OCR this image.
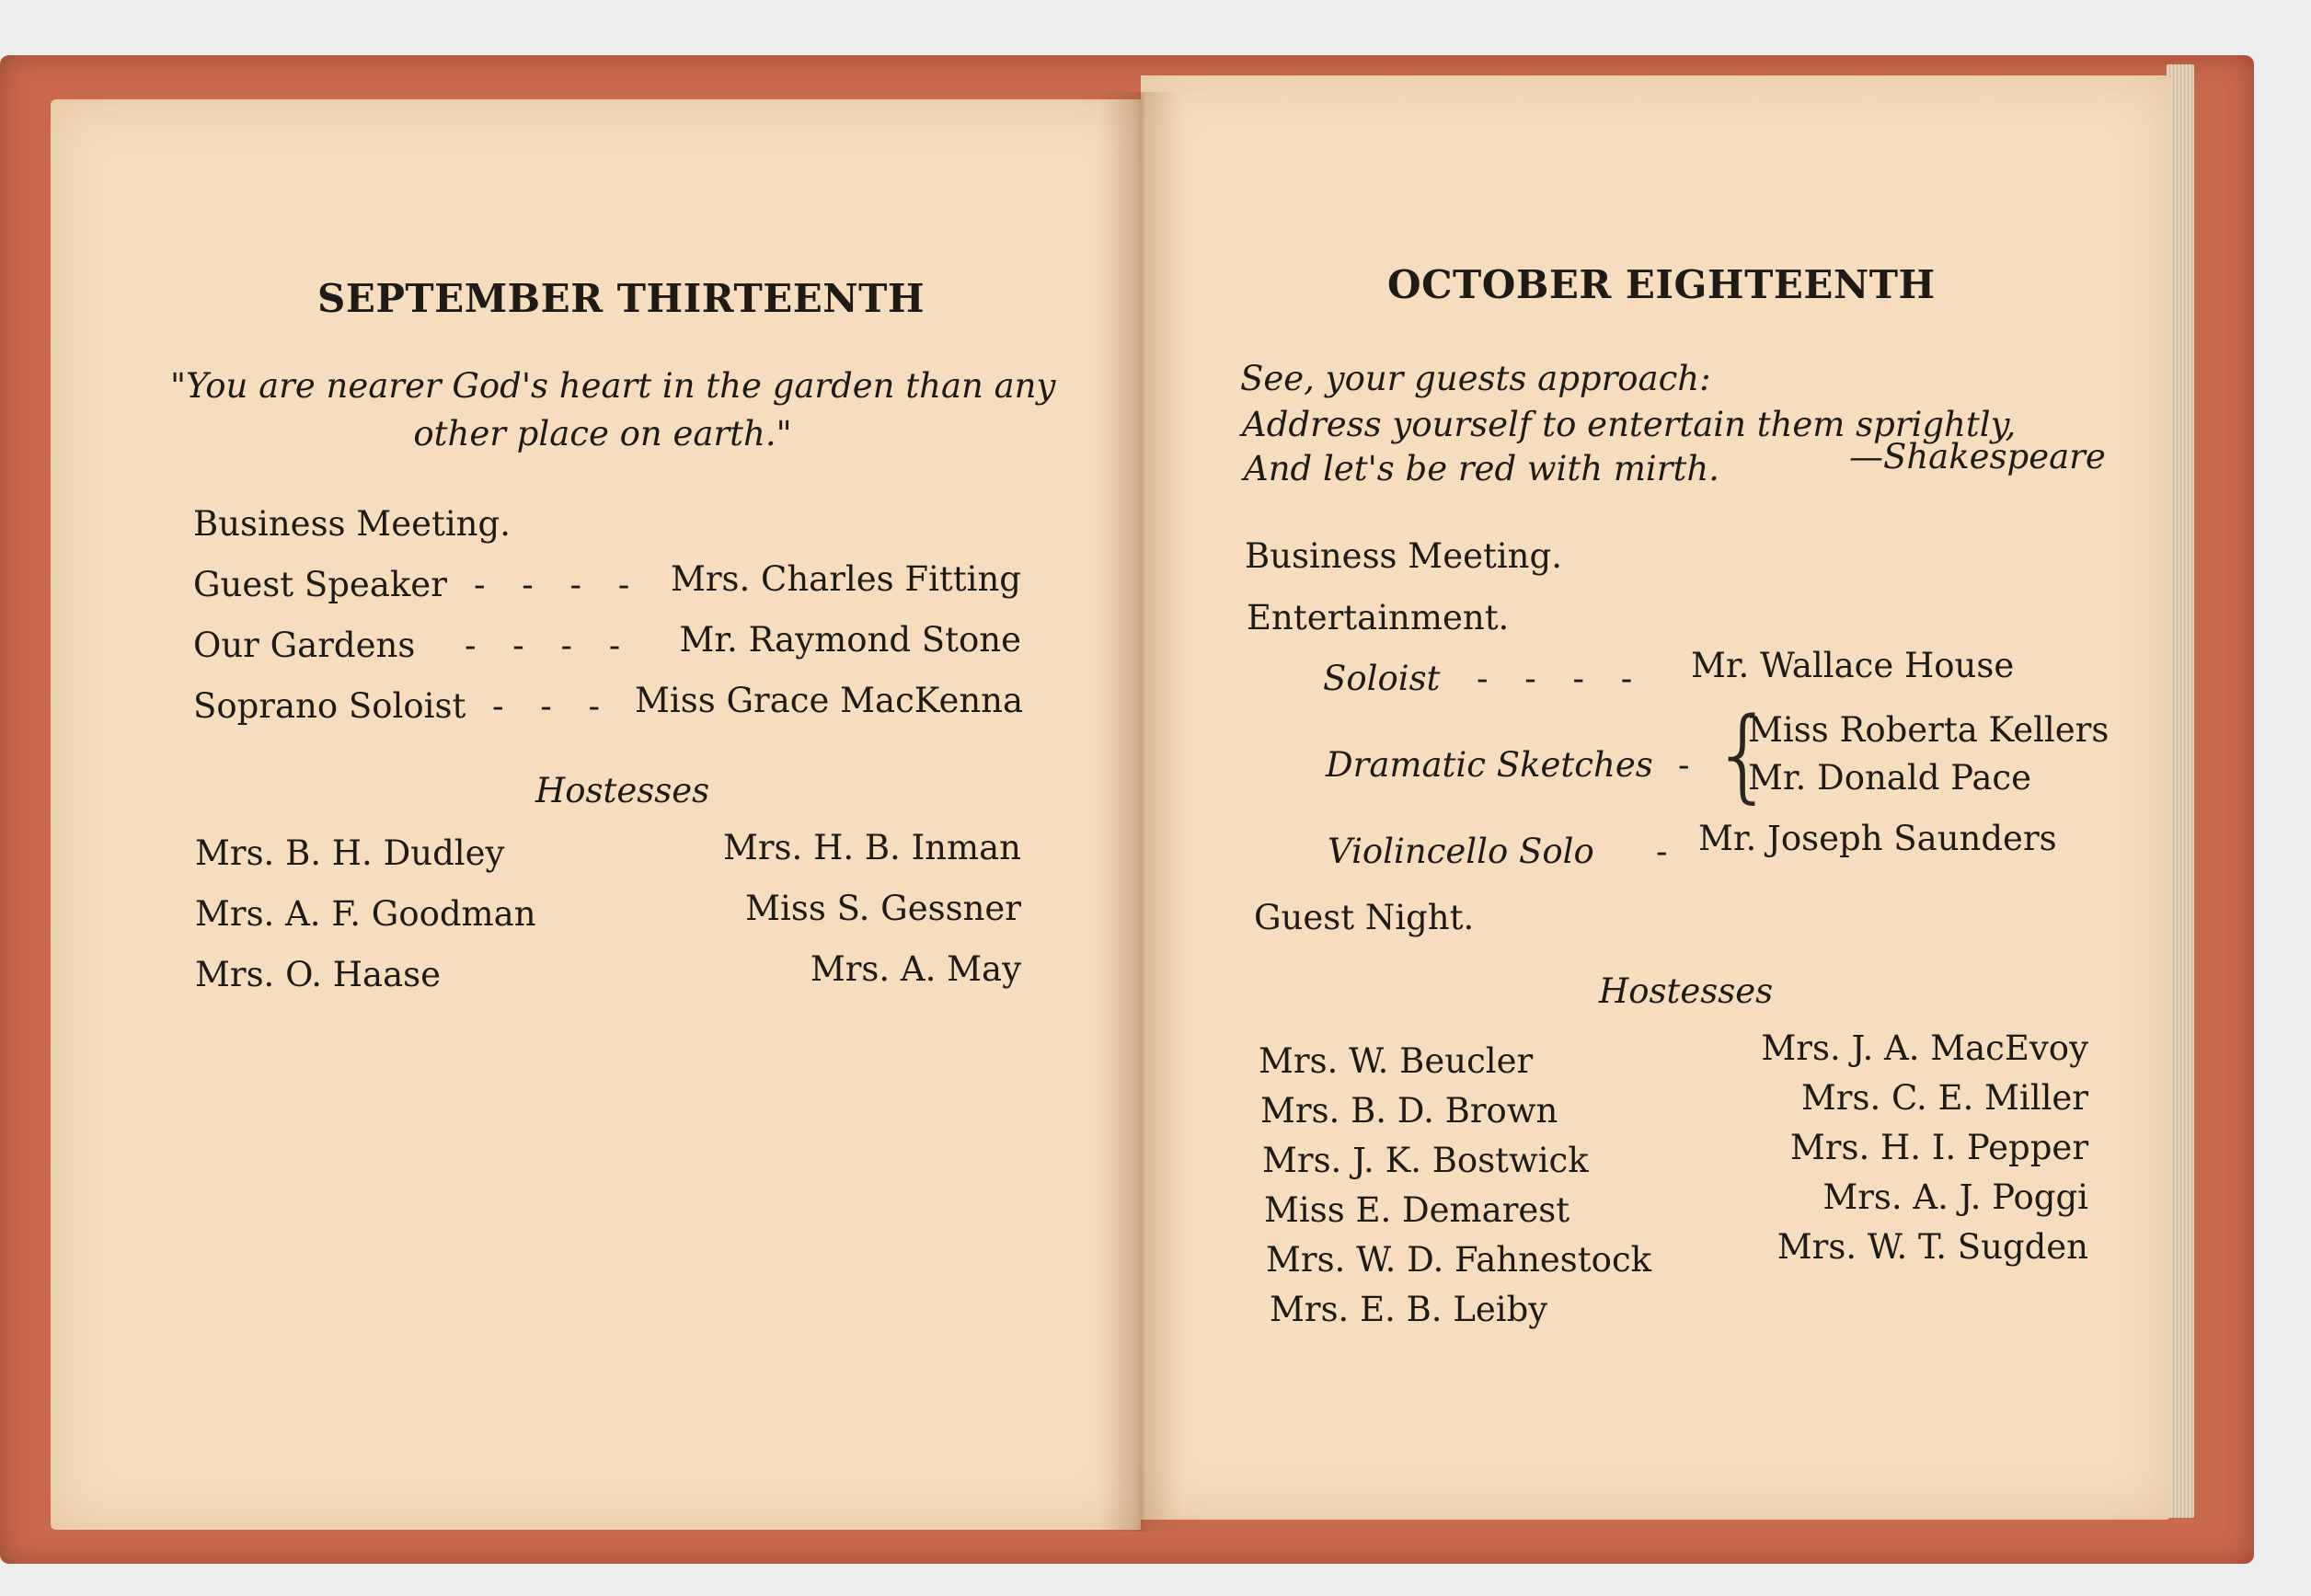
SEPTEMBER THIRTEENTH
"You are nearer God's heart in the garden than any
other place on earth."
Business Meeting.
Guest Speaker - - - - Mrs. Charles Fitting
Our Gardens - - - -	Mr. Raymond Stone
Soprano Soloist - - - Miss Grace MacKenna
Hostesses
Mrs. B. H. Dudley
Mrs. A. F. Goodman
Mrs. O. Haase
Mrs. H. B. Inman
Miss S. Gessner
Mrs. A. May
OCTOBER EIGHTEENTH
See, your guests approach:
Address yourself to entertain them sprightly,
And let's be red with mirth.	—Shakespeare
Business Meeting.
Entertainment.
Soloist - - - - Mr. Wallace House
Dramatic Sketches - {
Miss Roberta Kellers
Mr. Donald Pace
Violincello Solo - Mr. Joseph Saunders
Guest Night.
Hostesses
Mrs. W. Beucler
Mrs. B. D. Brown
Mrs. J. K. Bostwick
Miss E. Demarest
Mrs. W. D. Fahnestock
Mrs. E. B. Leiby
Mrs. J. A. MacEvoy
Mrs. C. E. Miller
Mrs. H. I. Pepper
Mrs. A. J. Poggi
Mrs. W. T. Sugden
